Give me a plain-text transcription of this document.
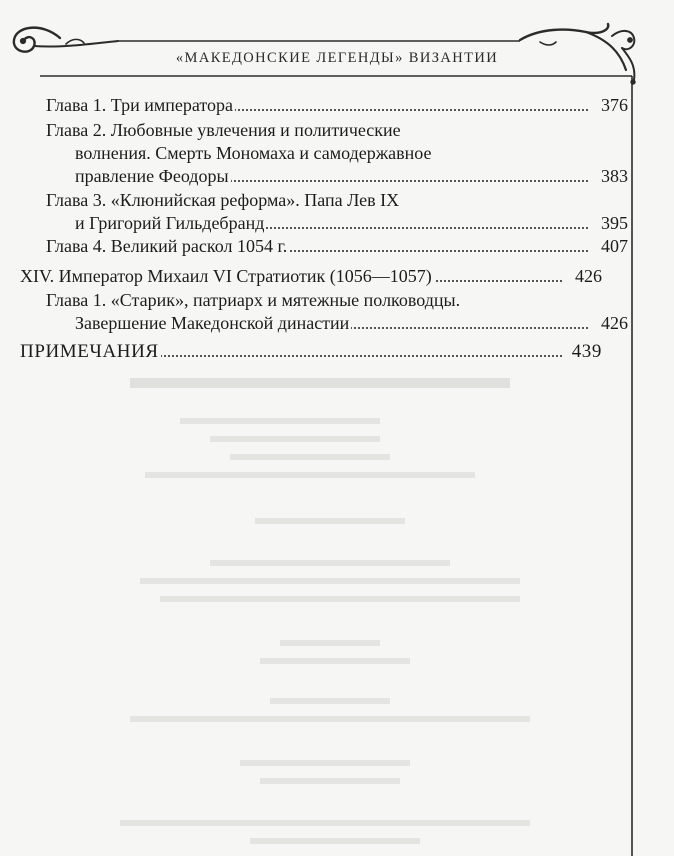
«МАКЕДОНСКИЕ ЛЕГЕНДЫ» ВИЗАНТИИ
Глава 1. Три императора	376
Глава 2. Любовные увлечения и политические
волнения. Смерть Мономаха и самодержавное
правление Феодоры	383
Глава 3. «Клюнийская реформа». Папа Лев IX
и Григорий Гильдебранд	395
Глава 4. Великий раскол 1054 г.	407
XIV. Император Михаил VI Стратиотик (1056—1057)	426
Глава 1. «Старик», патриарх и мятежные полководцы.
Завершение Македонской династии	426
ПРИМЕЧАНИЯ	439
